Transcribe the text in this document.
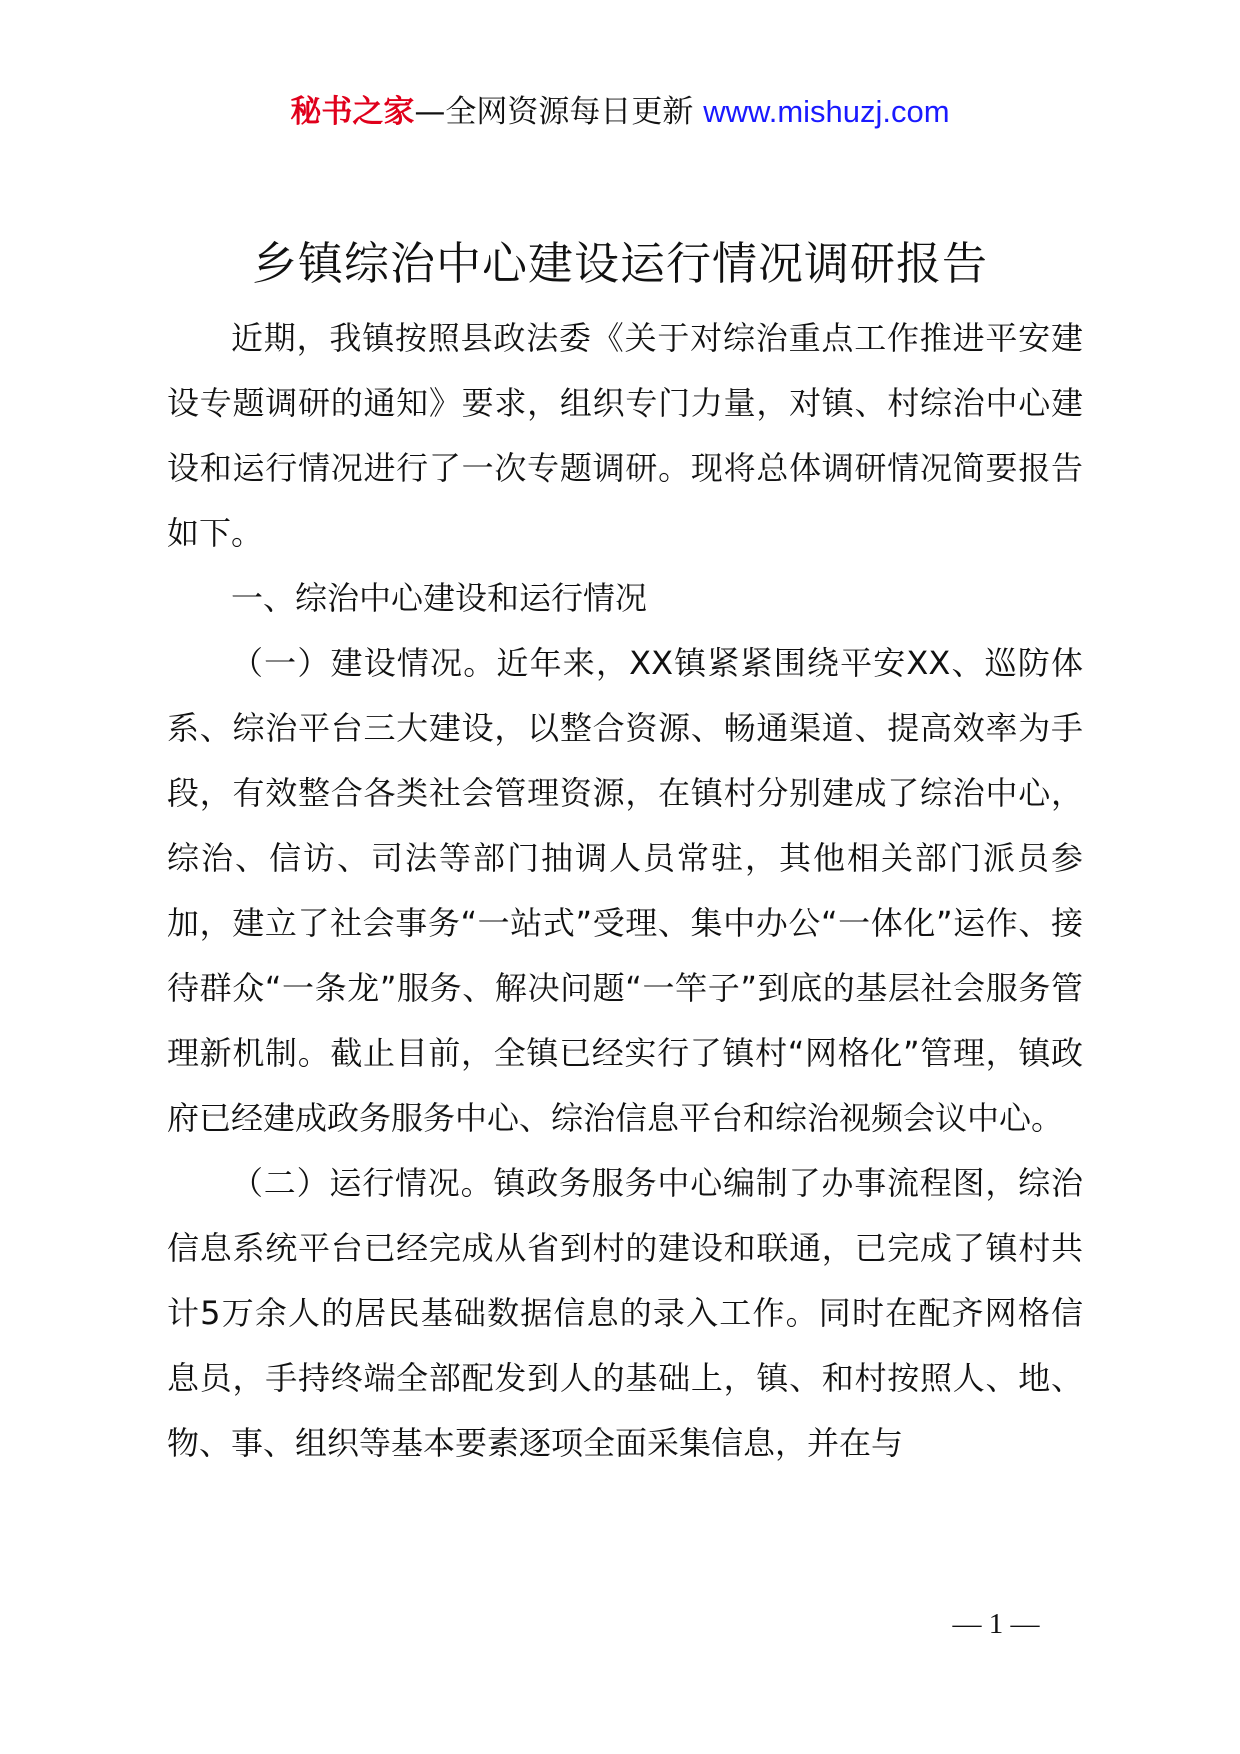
秘书之家—全网资源每日更新 www.mishuzj.com
乡镇综治中心建设运行情况调研报告

近期，我镇按照县政法委《关于对综治重点工作推进平安建设专题调研的通知》要求，组织专门力量，对镇、村综治中心建设和运行情况进行了一次专题调研。现将总体调研情况简要报告如下。

一、综治中心建设和运行情况

（一）建设情况。近年来，XX镇紧紧围绕平安XX、巡防体系、综治平台三大建设，以整合资源、畅通渠道、提高效率为手段，有效整合各类社会管理资源，在镇村分别建成了综治中心，综治、信访、司法等部门抽调人员常驻，其他相关部门派员参加，建立了社会事务“一站式”受理、集中办公“一体化”运作、接待群众“一条龙”服务、解决问题“一竿子”到底的基层社会服务管理新机制。截止目前，全镇已经实行了镇村“网格化”管理，镇政府已经建成政务服务中心、综治信息平台和综治视频会议中心。

（二）运行情况。镇政务服务中心编制了办事流程图，综治信息系统平台已经完成从省到村的建设和联通，已完成了镇村共计5万余人的居民基础数据信息的录入工作。同时在配齐网格信息员，手持终端全部配发到人的基础上，镇、和村按照人、地、物、事、组织等基本要素逐项全面采集信息，并在与

— 1 —
